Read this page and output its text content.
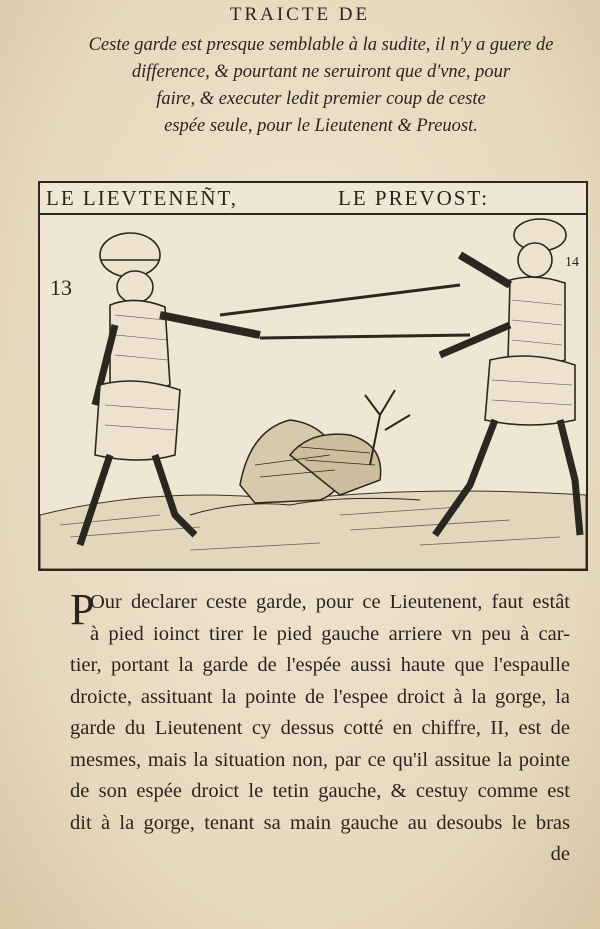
TRAICTE DE
Ceste garde est presque semblable à la sudite, il n'y a guere de
difference, & pourtant ne seruiront que d'vne, pour
faire, & executer ledit premier coup de ceste
espée seule, pour le Lieutenent & Preuost.
LE LIEVTENEÑT,	LE PREVOST:
13
14
P
Our declarer ceste garde, pour ce Lieutenent, faut estât
à pied ioinct tirer le pied gauche arriere vn peu à car-
tier, portant la garde de l'espée aussi haute que l'espaulle
droicte, assituant la pointe de l'espee droict à la gorge, la
garde du Lieutenent cy dessus cotté en chiffre, II, est de
mesmes, mais la situation non, par ce qu'il assitue la pointe
de son espée droict le tetin gauche, & cestuy comme est
dit à la gorge, tenant sa main gauche au desoubs le bras
de
